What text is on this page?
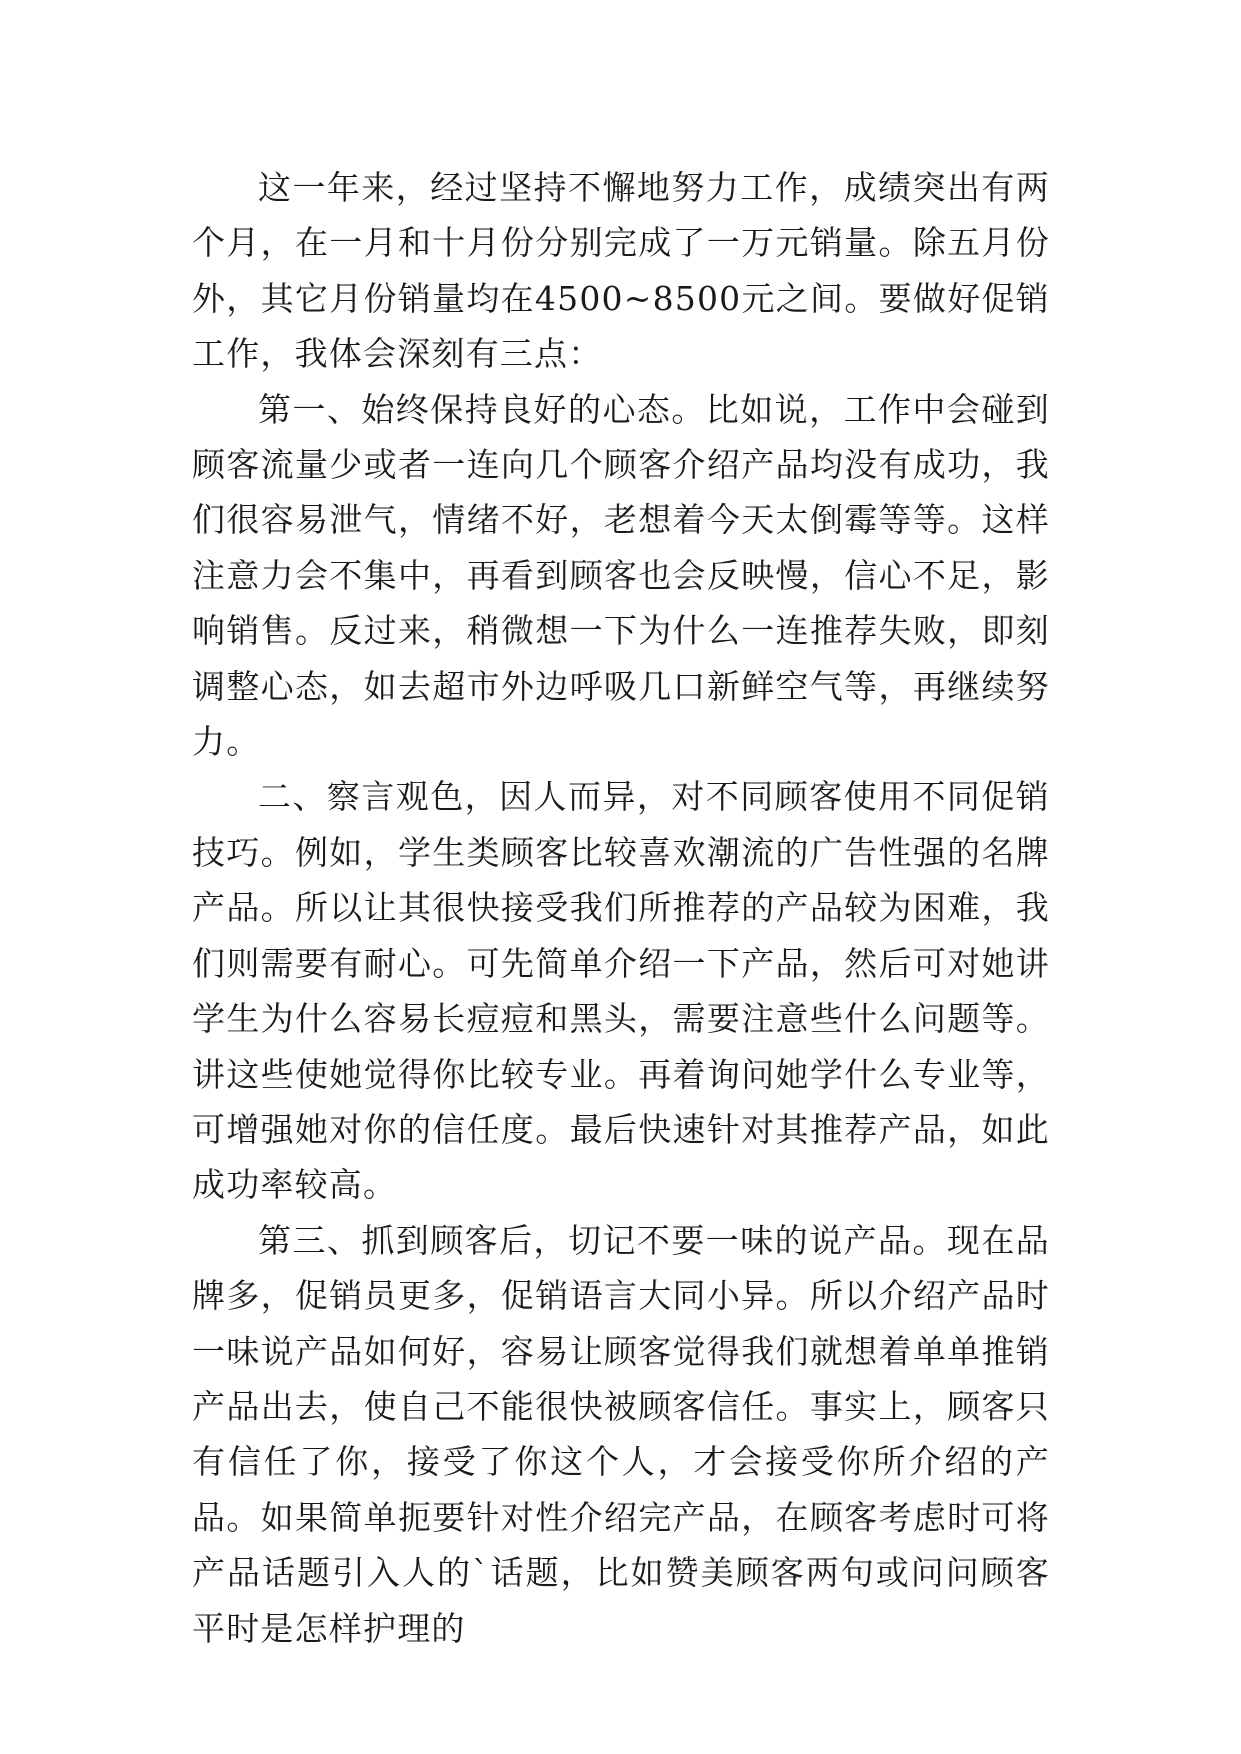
这一年来，经过坚持不懈地努力工作，成绩突出有两个月，在一月和十月份分别完成了一万元销量。除五月份外，其它月份销量均在4500~8500元之间。要做好促销工作，我体会深刻有三点：

第一、始终保持良好的心态。比如说，工作中会碰到顾客流量少或者一连向几个顾客介绍产品均没有成功，我们很容易泄气，情绪不好，老想着今天太倒霉等等。这样注意力会不集中，再看到顾客也会反映慢，信心不足，影响销售。反过来，稍微想一下为什么一连推荐失败，即刻调整心态，如去超市外边呼吸几口新鲜空气等，再继续努力。

二、察言观色，因人而异，对不同顾客使用不同促销技巧。例如，学生类顾客比较喜欢潮流的广告性强的名牌产品。所以让其很快接受我们所推荐的产品较为困难，我们则需要有耐心。可先简单介绍一下产品，然后可对她讲学生为什么容易长痘痘和黑头，需要注意些什么问题等。讲这些使她觉得你比较专业。再着询问她学什么专业等，可增强她对你的信任度。最后快速针对其推荐产品，如此成功率较高。

第三、抓到顾客后，切记不要一味的说产品。现在品牌多，促销员更多，促销语言大同小异。所以介绍产品时一味说产品如何好，容易让顾客觉得我们就想着单单推销产品出去，使自己不能很快被顾客信任。事实上，顾客只有信任了你，接受了你这个人，才会接受你所介绍的产品。如果简单扼要针对性介绍完产品，在顾客考虑时可将产品话题引入人的`话题，比如赞美顾客两句或问问顾客平时是怎样护理的
